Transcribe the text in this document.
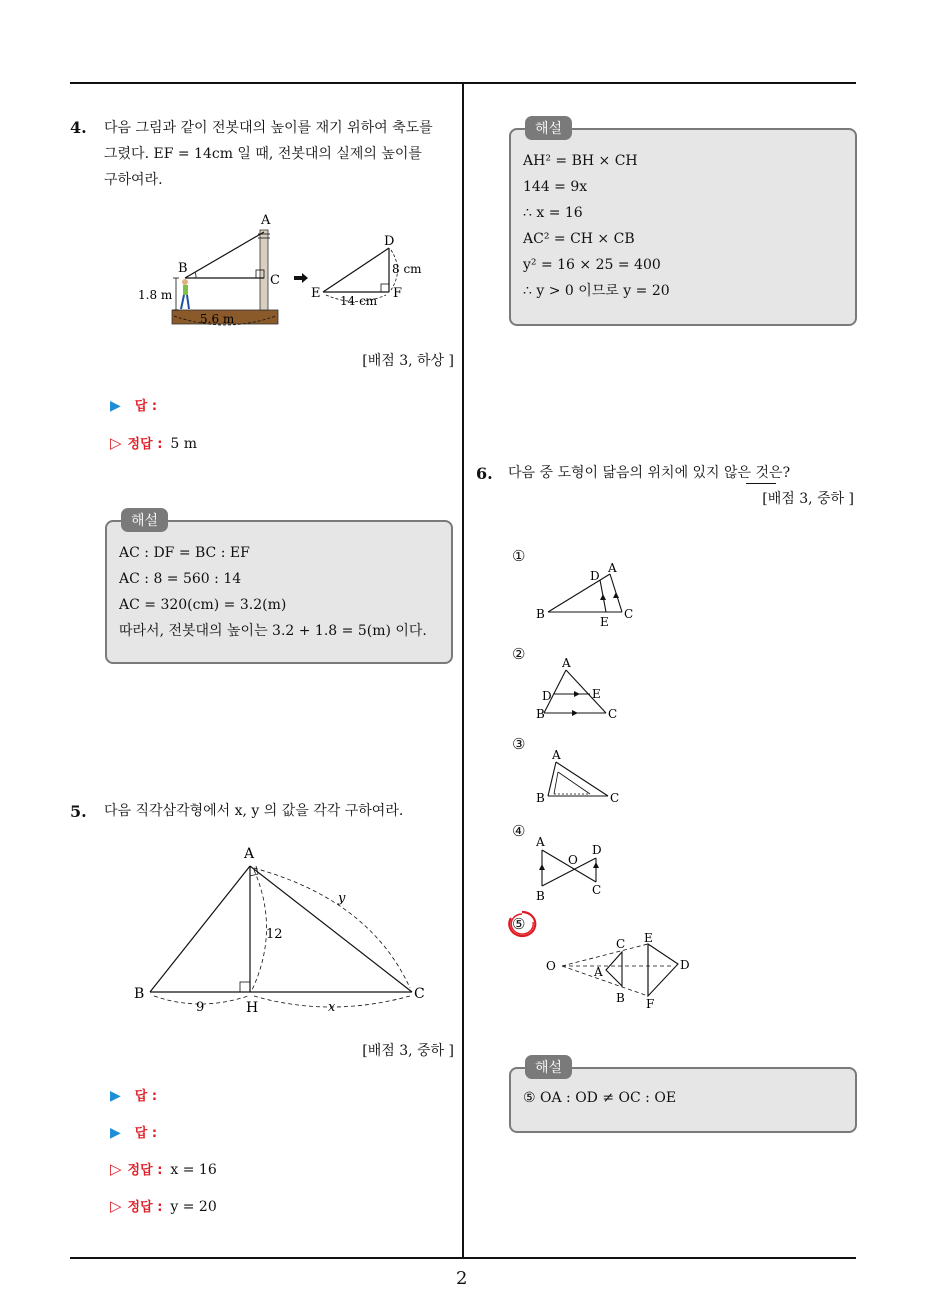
2
4. 다음 그림과 같이 전봇대의 높이를 재기 위하여 축도를
그렸다. EF = 14cm 일 때, 전봇대의 실제의 높이를
구하여라.
1.8 m
5.6 m
A
B
C
D
E	F
8 cm
14 cm
[배점 3, 하상 ]
▶ 답 :
▷ 정답 : 5 m
해설
AC : DF = BC : EF
AC : 8 = 560 : 14
AC = 320(cm) = 3.2(m)
따라서, 전봇대의 높이는 3.2 + 1.8 = 5(m) 이다.
5. 다음 직각삼각형에서 x, y 의 값을 각각 구하여라.
A
B	C
H
9
12
y
x
[배점 3, 중하 ]
▶ 답 :
▶ 답 :
▷ 정답 : x = 16
▷ 정답 : y = 20
해설
AH² = BH × CH
144 = 9x
∴ x = 16
AC² = CH × CB
y² = 16 × 25 = 400
∴ y > 0 이므로 y = 20
6. 다음 중 도형이 닮음의 위치에 있지 않은 것은?
[배점 3, 중하 ]
①
A
D
B	C
E
②	A
D	E
B	C
③
A
B	C
④
A
O
D
B	C
⑤
O	A
C
B
E
D
F
해설
⑤ OA : OD ≠ OC : OE
